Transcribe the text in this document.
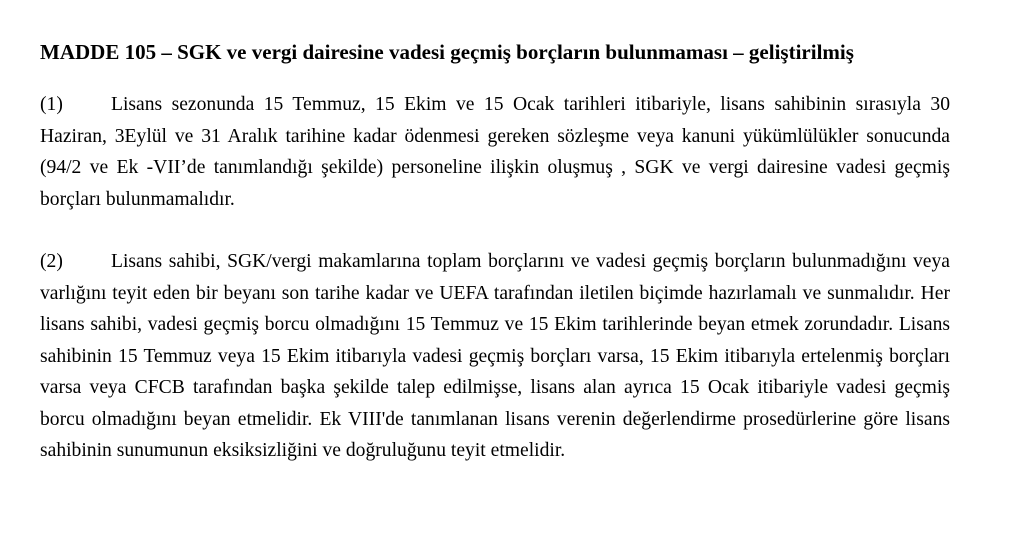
MADDE 105 – SGK ve vergi dairesine vadesi geçmiş borçların bulunmaması – geliştirilmiş

(1) Lisans sezonunda 15 Temmuz, 15 Ekim ve 15 Ocak tarihleri itibariyle, lisans sahibinin sırasıyla 30 Haziran, 3Eylül ve 31 Aralık tarihine kadar ödenmesi gereken sözleşme veya kanuni yükümlülükler sonucunda (94/2 ve Ek -VII’de tanımlandığı şekilde) personeline ilişkin oluşmuş , SGK ve vergi dairesine vadesi geçmiş borçları bulunmamalıdır.

(2) Lisans sahibi, SGK/vergi makamlarına toplam borçlarını ve vadesi geçmiş borçların bulunmadığını veya varlığını teyit eden bir beyanı son tarihe kadar ve UEFA tarafından iletilen biçimde hazırlamalı ve sunmalıdır. Her lisans sahibi, vadesi geçmiş borcu olmadığını 15 Temmuz ve 15 Ekim tarihlerinde beyan etmek zorundadır. Lisans sahibinin 15 Temmuz veya 15 Ekim itibarıyla vadesi geçmiş borçları varsa, 15 Ekim itibarıyla ertelenmiş borçları varsa veya CFCB tarafından başka şekilde talep edilmişse, lisans alan ayrıca 15 Ocak itibariyle vadesi geçmiş borcu olmadığını beyan etmelidir. Ek VIII'de tanımlanan lisans verenin değerlendirme prosedürlerine göre lisans sahibinin sunumunun eksiksizliğini ve doğruluğunu teyit etmelidir.
